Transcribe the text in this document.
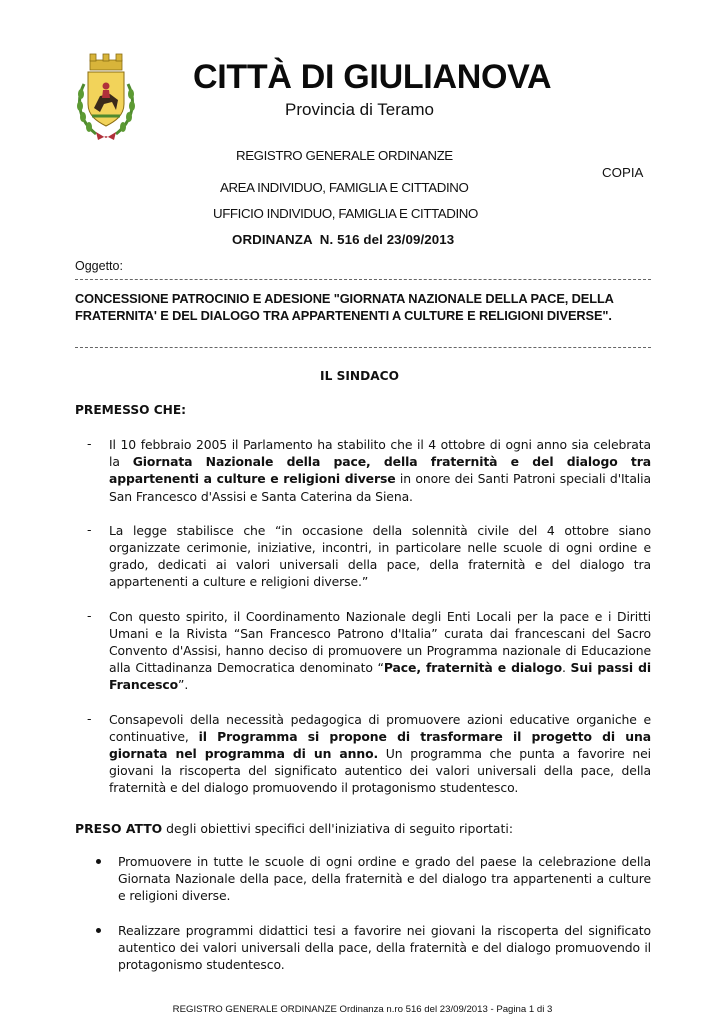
CITTÀ DI GIULIANOVA
Provincia di Teramo
REGISTRO GENERALE ORDINANZE
COPIA
AREA INDIVIDUO, FAMIGLIA E CITTADINO
UFFICIO INDIVIDUO, FAMIGLIA E CITTADINO
ORDINANZA  N. 516 del 23/09/2013
Oggetto:
CONCESSIONE PATROCINIO E ADESIONE "GIORNATA NAZIONALE DELLA PACE, DELLA FRATERNITA' E DEL DIALOGO TRA APPARTENENTI A CULTURE E RELIGIONI DIVERSE".
IL SINDACO
PREMESSO CHE:
- Il 10 febbraio 2005 il Parlamento ha stabilito che il 4 ottobre di ogni anno sia celebrata la Giornata Nazionale della pace, della fraternità e del dialogo tra appartenenti a culture e religioni diverse in onore dei Santi Patroni speciali d'Italia San Francesco d'Assisi e Santa Caterina da Siena.
- La legge stabilisce che “in occasione della solennità civile del 4 ottobre siano organizzate cerimonie, iniziative, incontri, in particolare nelle scuole di ogni ordine e grado, dedicati ai valori universali della pace, della fraternità e del dialogo tra appartenenti a culture e religioni diverse.”
- Con questo spirito, il Coordinamento Nazionale degli Enti Locali per la pace e i Diritti Umani e la Rivista “San Francesco Patrono d'Italia” curata dai francescani del Sacro Convento d'Assisi, hanno deciso di promuovere un Programma nazionale di Educazione alla Cittadinanza Democratica denominato “Pace, fraternità e dialogo. Sui passi di Francesco”.
- Consapevoli della necessità pedagogica di promuovere azioni educative organiche e continuative, il Programma si propone di trasformare il progetto di una giornata nel programma di un anno. Un programma che punta a favorire nei giovani la riscoperta del significato autentico dei valori universali della pace, della fraternità e del dialogo promuovendo il protagonismo studentesco.
PRESO ATTO degli obiettivi specifici dell'iniziativa di seguito riportati:
Promuovere in tutte le scuole di ogni ordine e grado del paese la celebrazione della Giornata Nazionale della pace, della fraternità e del dialogo tra appartenenti a culture e religioni diverse.
Realizzare programmi didattici tesi a favorire nei giovani la riscoperta del significato autentico dei valori universali della pace, della fraternità e del dialogo promuovendo il protagonismo studentesco.
REGISTRO GENERALE ORDINANZE Ordinanza n.ro 516 del 23/09/2013 - Pagina 1 di 3
